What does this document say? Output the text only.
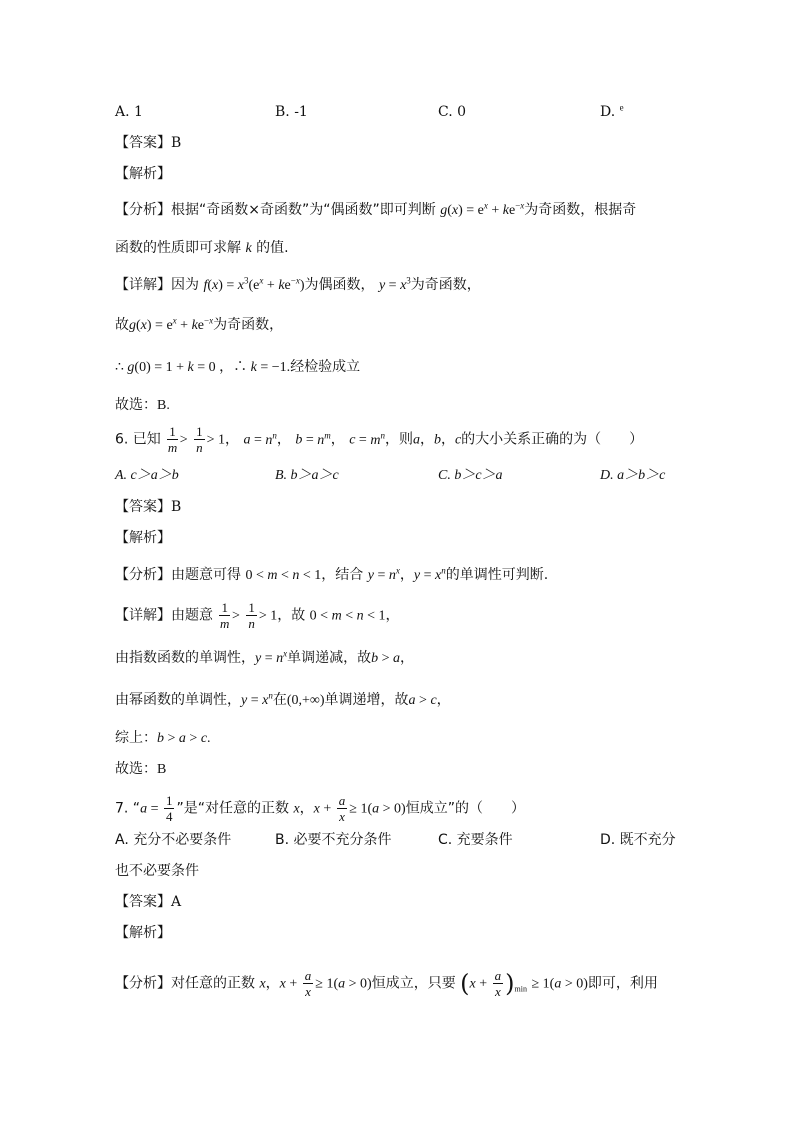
A. 1	B. -1	C. 0	D. $^e$
【答案】B
【解析】
【分析】根据“奇函数×奇函数”为“偶函数”即可判断 $g(x) = e^x + ke^{-x}$为奇函数，根据奇
函数的性质即可求解 k 的值.
【详解】因为 $f(x) = x^3(e^x + ke^{-x})$为偶函数， $y = x^3$为奇函数，
故$g(x) = e^x + ke^{-x}$为奇函数，
∴ g(0) = 1 + k = 0 ，∴ k = −1.经检验成立
故选：B.
6. 已知 $\frac{1}{m} > \frac{1}{n} > 1$， $a = n^n$， $b = n^m$， $c = m^n$，则a，b，c的大小关系正确的为（　　）
A. c＞a＞b	B. b＞a＞c	C. b＞c＞a	D. a＞b＞c
【答案】B
【解析】
【分析】由题意可得 0 < m < n < 1，结合 $y = n^x$，$y = x^n$的单调性可判断.
【详解】由题意 $\frac{1}{m} > \frac{1}{n} > 1$，故 0 < m < n < 1，
由指数函数的单调性，$y = n^x$单调递减，故b > a，
由幂函数的单调性，$y = x^n$在(0,+∞)单调递增，故a > c，
综上：b > a > c.
故选：B
7. “$a = \frac{1}{4}$ ”是“对任意的正数 x，$x + \frac{a}{x} \ge 1(a > 0)$恒成立”的（　　）
A. 充分不必要条件	B. 必要不充分条件	C. 充要条件	D. 既不充分
也不必要条件
【答案】A
【解析】
【分析】对任意的正数 x，$x + \frac{a}{x} \ge 1(a > 0)$恒成立，只要 $(x + \frac{a}{x} )_{min} \ge 1(a > 0)$即可，利用
